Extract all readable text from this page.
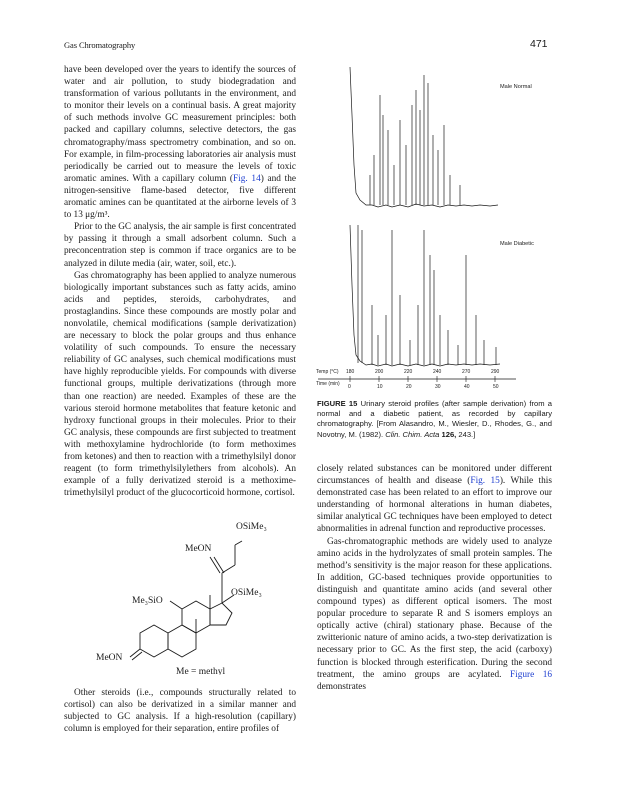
Gas Chromatography	471

have been developed over the years to identify the sources of water and air pollution, to study biodegradation and transformation of various pollutants in the environment, and to monitor their levels on a continual basis. A great majority of such methods involve GC measurement principles: both packed and capillary columns, selective detectors, the gas chromatography/mass spectrometry combination, and so on. For example, in film-processing laboratories air analysis must periodically be carried out to measure the levels of toxic aromatic amines. With a capillary column (Fig. 14) and the nitrogen-sensitive flame-based detector, five different aromatic amines can be quantitated at the airborne levels of 3 to 13 μg/m³.

Prior to the GC analysis, the air sample is first concentrated by passing it through a small adsorbent column. Such a preconcentration step is common if trace organics are to be analyzed in dilute media (air, water, soil, etc.).

Gas chromatography has been applied to analyze numerous biologically important substances such as fatty acids, amino acids and peptides, steroids, carbohydrates, and prostaglandins. Since these compounds are mostly polar and nonvolatile, chemical modifications (sample derivatization) are necessary to block the polar groups and thus enhance volatility of such compounds. To ensure the necessary reliability of GC analyses, such chemical modifications must have highly reproducible yields. For compounds with diverse functional groups, multiple derivatizations (through more than one reaction) are needed. Examples of these are the various steroid hormone metabolites that feature ketonic and hydroxy functional groups in their molecules. Prior to their GC analysis, these compounds are first subjected to treatment with methoxylamine hydrochloride (to form methoximes from ketones) and then to reaction with a trimethylsilyl donor reagent (to form trimethylsilylethers from alcohols). An example of a fully derivatized steroid is a methoxime-trimethylsilyl product of the glucocorticoid hormone, cortisol.

OSiMe₃
MeON
OSiMe₃
Me₃SiO
MeON
Me = methyl

Other steroids (i.e., compounds structurally related to cortisol) can also be derivatized in a similar manner and subjected to GC analysis. If a high-resolution (capillary) column is employed for their separation, entire profiles of

Male Normal
Male Diabetic
Temp (°C)
Time (min)
180	200	220	240	270	290
0	10	20	30	40	50
FIGURE 15 Urinary steroid profiles (after sample derivation) from a normal and a diabetic patient, as recorded by capillary chromatography. [From Alasandro, M., Wiesler, D., Rhodes, G., and Novotny, M. (1982). Clin. Chim. Acta 126, 243.]

closely related substances can be monitored under different circumstances of health and disease (Fig. 15). While this demonstrated case has been related to an effort to improve our understanding of hormonal alterations in human diabetes, similar analytical GC techniques have been employed to detect abnormalities in adrenal function and reproductive processes.

Gas-chromatographic methods are widely used to analyze amino acids in the hydrolyzates of small protein samples. The method’s sensitivity is the major reason for these applications. In addition, GC-based techniques provide opportunities to distinguish and quantitate amino acids (and several other compound types) as different optical isomers. The most popular procedure to separate R and S isomers employs an optically active (chiral) stationary phase. Because of the zwitterionic nature of amino acids, a two-step derivatization is necessary prior to GC. As the first step, the acid (carboxy) function is blocked through esterification. During the second treatment, the amino groups are acylated. Figure 16 demonstrates
